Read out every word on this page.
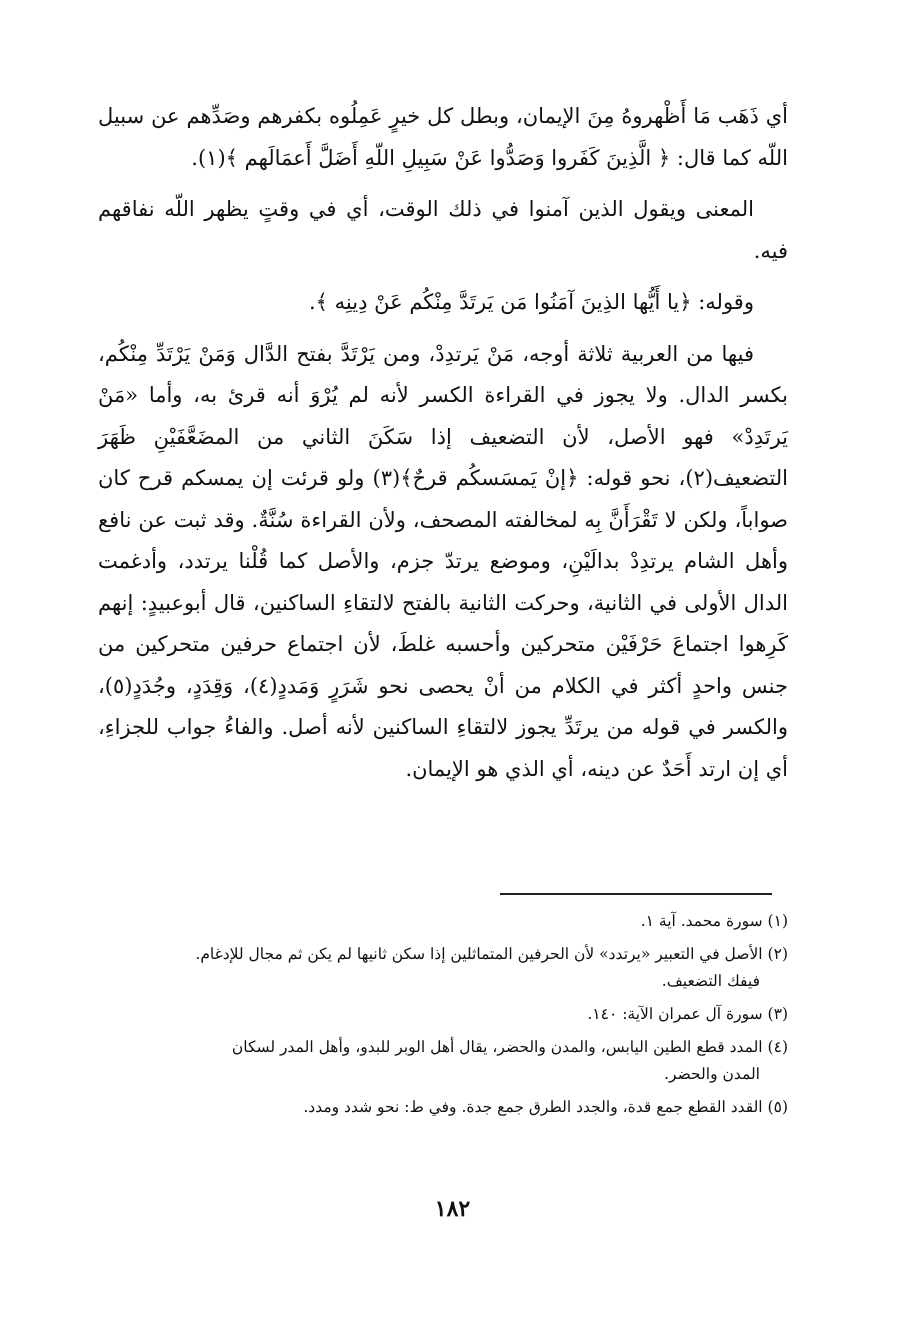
أي ذَهَب مَا أَظْهروهُ مِنَ الإيمان، وبطل كل خيرٍ عَمِلُوه بكفرهم وصَدِّهم عن سبيل اللّه كما قال: ﴿ الَّذِينَ كَفَروا وَصَدُّوا عَنْ سَبِيلِ اللّهِ أَضَلَّ أَعمَالَهم ﴾(١).

المعنى ويقول الذين آمنوا في ذلك الوقت، أي في وقتٍ يظهر اللّه نفاقهم فيه.

وقوله: ﴿يا أَيُّها الذِينَ آمَنُوا مَن يَرتَدَّ مِنْكُم عَنْ دِينِه ﴾.

فيها من العربية ثلاثة أوجه، مَنْ يَرتدِدْ، ومن يَرْتَدَّ بفتح الدَّال وَمَنْ يَرْتَدِّ مِنْكُم، بكسر الدال. ولا يجوز في القراءة الكسر لأنه لم يُرْوَ أنه قرئ به، وأما «مَنْ يَرتَدِدْ» فهو الأصل، لأن التضعيف إذا سَكَنَ الثاني من المضَعَّفَيْنِ ظَهَرَ التضعيف(٢)، نحو قوله: ﴿إنْ يَمسَسكُم قرحٌ﴾(٣) ولو قرئت إن يمسكم قرح كان صواباً، ولكن لا تَقْرَأَنَّ بِه لمخالفته المصحف، ولأن القراءة سُنَّةٌ. وقد ثبت عن نافع وأهل الشام يرتدِدْ بدالَيْنِ، وموضع يرتدّ جزم، والأصل كما قُلْنا يرتدد، وأدغمت الدال الأولى في الثانية، وحركت الثانية بالفتح لالتقاءِ الساكنين، قال أبوعبيدٍ: إنهم كَرِهوا اجتماعَ حَرْفَيْن متحركين وأحسبه غلطَ، لأن اجتماع حرفين متحركين من جنس واحدٍ أكثر في الكلام من أنْ يحصى نحو شَرَرٍ وَمَددٍ(٤)، وَقِدَدٍ، وجُدَدٍ(٥)، والكسر في قوله من يرتَدِّ يجوز لالتقاءِ الساكنين لأنه أصل. والفاءُ جواب للجزاءِ، أي إن ارتد أَحَدٌ عن دينه، أي الذي هو الإيمان.

(١) سورة محمد. آية ١.
(٢) الأصل في التعبير «يرتدد» لأن الحرفين المتماثلين إذا سكن ثانيها لم يكن ثم مجال للإدغام.
فيفك التضعيف.
(٣) سورة آل عمران الآية: ١٤٠.
(٤) المدد قطع الطين اليابس، والمدن والحضر، يقال أهل الوبر للبدو، وأهل المدر لسكان
المدن والحضر.
(٥) القدد القطع جمع قدة، والجدد الطرق جمع جدة. وفي ط: نحو شدد ومدد.
١٨٢
